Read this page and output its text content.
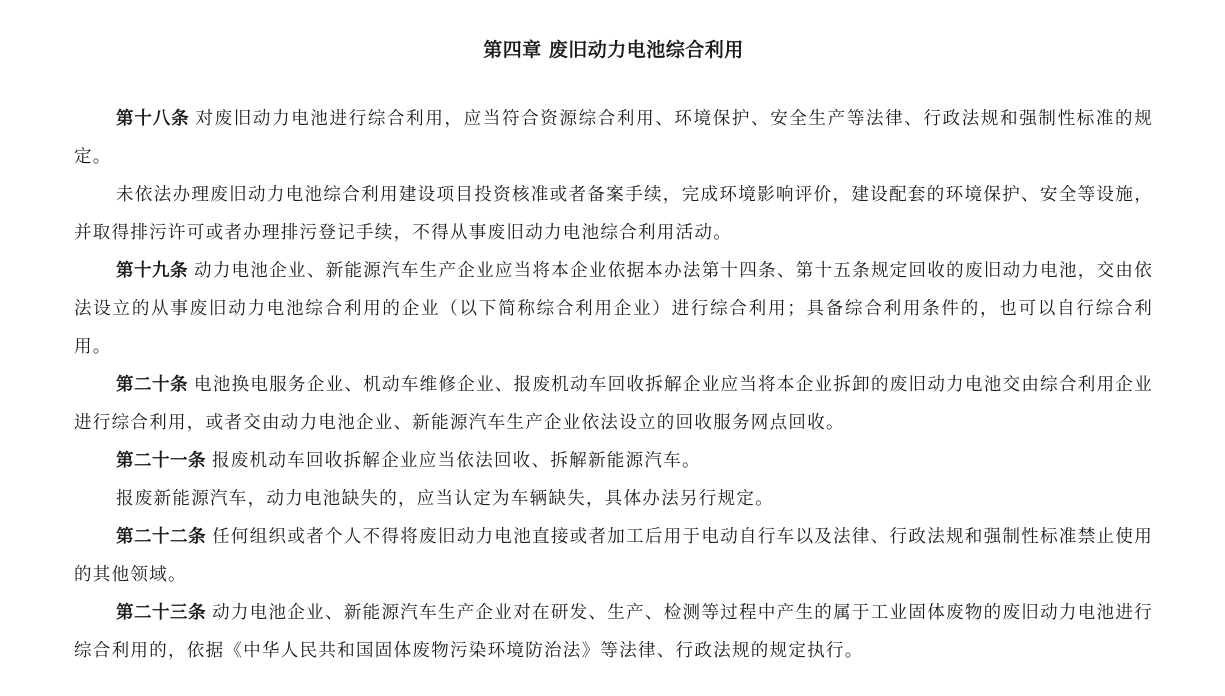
第四章 废旧动力电池综合利用

第十八条 对废旧动力电池进行综合利用，应当符合资源综合利用、环境保护、安全生产等法律、行政法规和强制性标准的规定。

未依法办理废旧动力电池综合利用建设项目投资核准或者备案手续，完成环境影响评价，建设配套的环境保护、安全等设施，并取得排污许可或者办理排污登记手续，不得从事废旧动力电池综合利用活动。

第十九条 动力电池企业、新能源汽车生产企业应当将本企业依据本办法第十四条、第十五条规定回收的废旧动力电池，交由依法设立的从事废旧动力电池综合利用的企业（以下简称综合利用企业）进行综合利用；具备综合利用条件的，也可以自行综合利用。

第二十条 电池换电服务企业、机动车维修企业、报废机动车回收拆解企业应当将本企业拆卸的废旧动力电池交由综合利用企业进行综合利用，或者交由动力电池企业、新能源汽车生产企业依法设立的回收服务网点回收。

第二十一条 报废机动车回收拆解企业应当依法回收、拆解新能源汽车。

报废新能源汽车，动力电池缺失的，应当认定为车辆缺失，具体办法另行规定。

第二十二条 任何组织或者个人不得将废旧动力电池直接或者加工后用于电动自行车以及法律、行政法规和强制性标准禁止使用的其他领域。

第二十三条 动力电池企业、新能源汽车生产企业对在研发、生产、检测等过程中产生的属于工业固体废物的废旧动力电池进行综合利用的，依据《中华人民共和国固体废物污染环境防治法》等法律、行政法规的规定执行。
